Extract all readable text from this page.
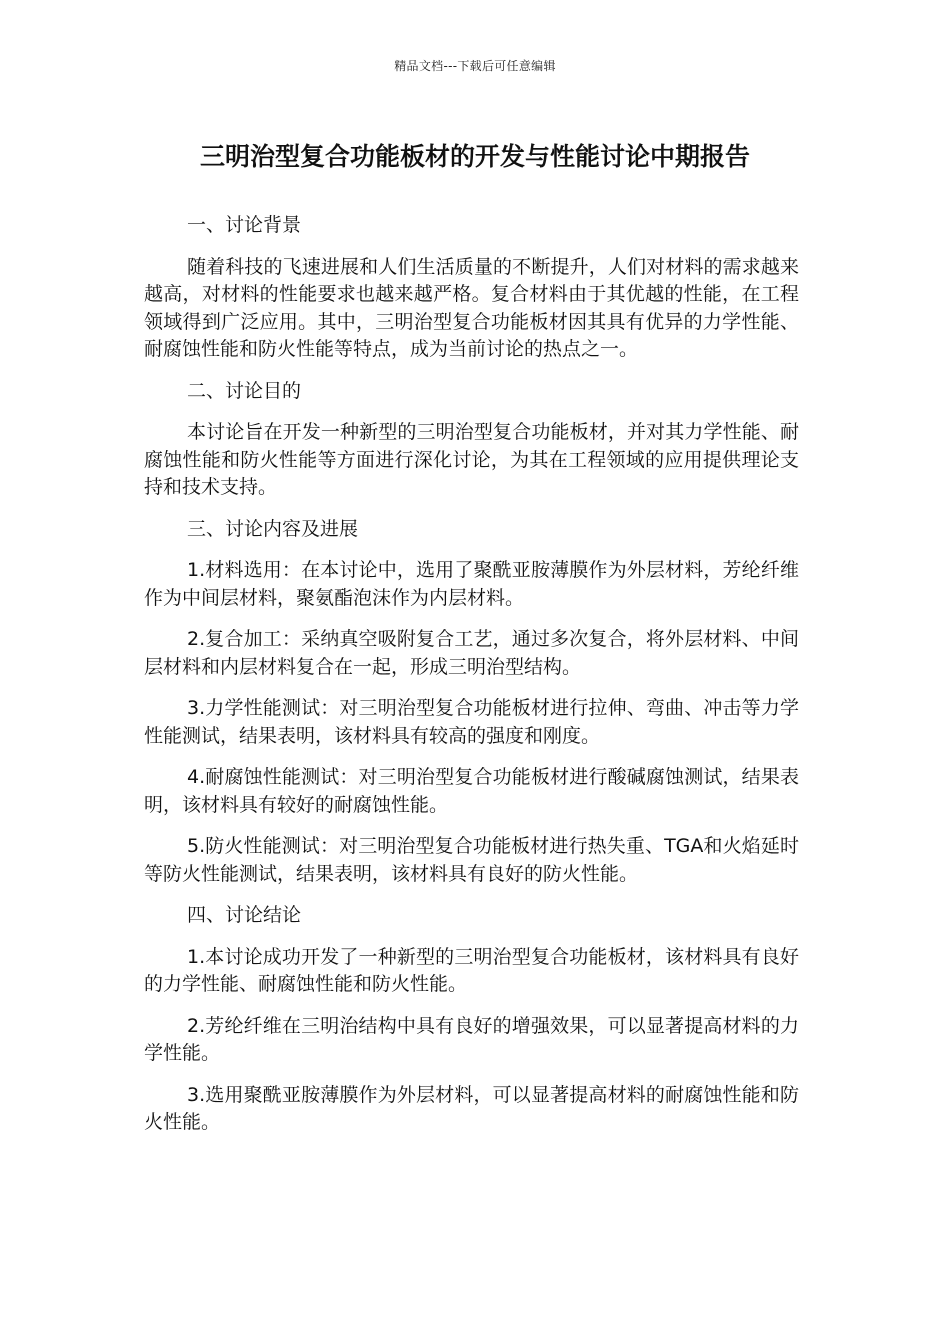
精品文档---下载后可任意编辑
三明治型复合功能板材的开发与性能讨论中期报告

一、讨论背景

随着科技的飞速进展和人们生活质量的不断提升，人们对材料的需求越来越高，对材料的性能要求也越来越严格。复合材料由于其优越的性能，在工程领域得到广泛应用。其中，三明治型复合功能板材因其具有优异的力学性能、耐腐蚀性能和防火性能等特点，成为当前讨论的热点之一。

二、讨论目的

本讨论旨在开发一种新型的三明治型复合功能板材，并对其力学性能、耐腐蚀性能和防火性能等方面进行深化讨论，为其在工程领域的应用提供理论支持和技术支持。

三、讨论内容及进展

1.材料选用：在本讨论中，选用了聚酰亚胺薄膜作为外层材料，芳纶纤维作为中间层材料，聚氨酯泡沫作为内层材料。

2.复合加工：采纳真空吸附复合工艺，通过多次复合，将外层材料、中间层材料和内层材料复合在一起，形成三明治型结构。

3.力学性能测试：对三明治型复合功能板材进行拉伸、弯曲、冲击等力学性能测试，结果表明，该材料具有较高的强度和刚度。

4.耐腐蚀性能测试：对三明治型复合功能板材进行酸碱腐蚀测试，结果表明，该材料具有较好的耐腐蚀性能。

5.防火性能测试：对三明治型复合功能板材进行热失重、TGA和火焰延时等防火性能测试，结果表明，该材料具有良好的防火性能。

四、讨论结论

1.本讨论成功开发了一种新型的三明治型复合功能板材，该材料具有良好的力学性能、耐腐蚀性能和防火性能。

2.芳纶纤维在三明治结构中具有良好的增强效果，可以显著提高材料的力学性能。

3.选用聚酰亚胺薄膜作为外层材料，可以显著提高材料的耐腐蚀性能和防火性能。
